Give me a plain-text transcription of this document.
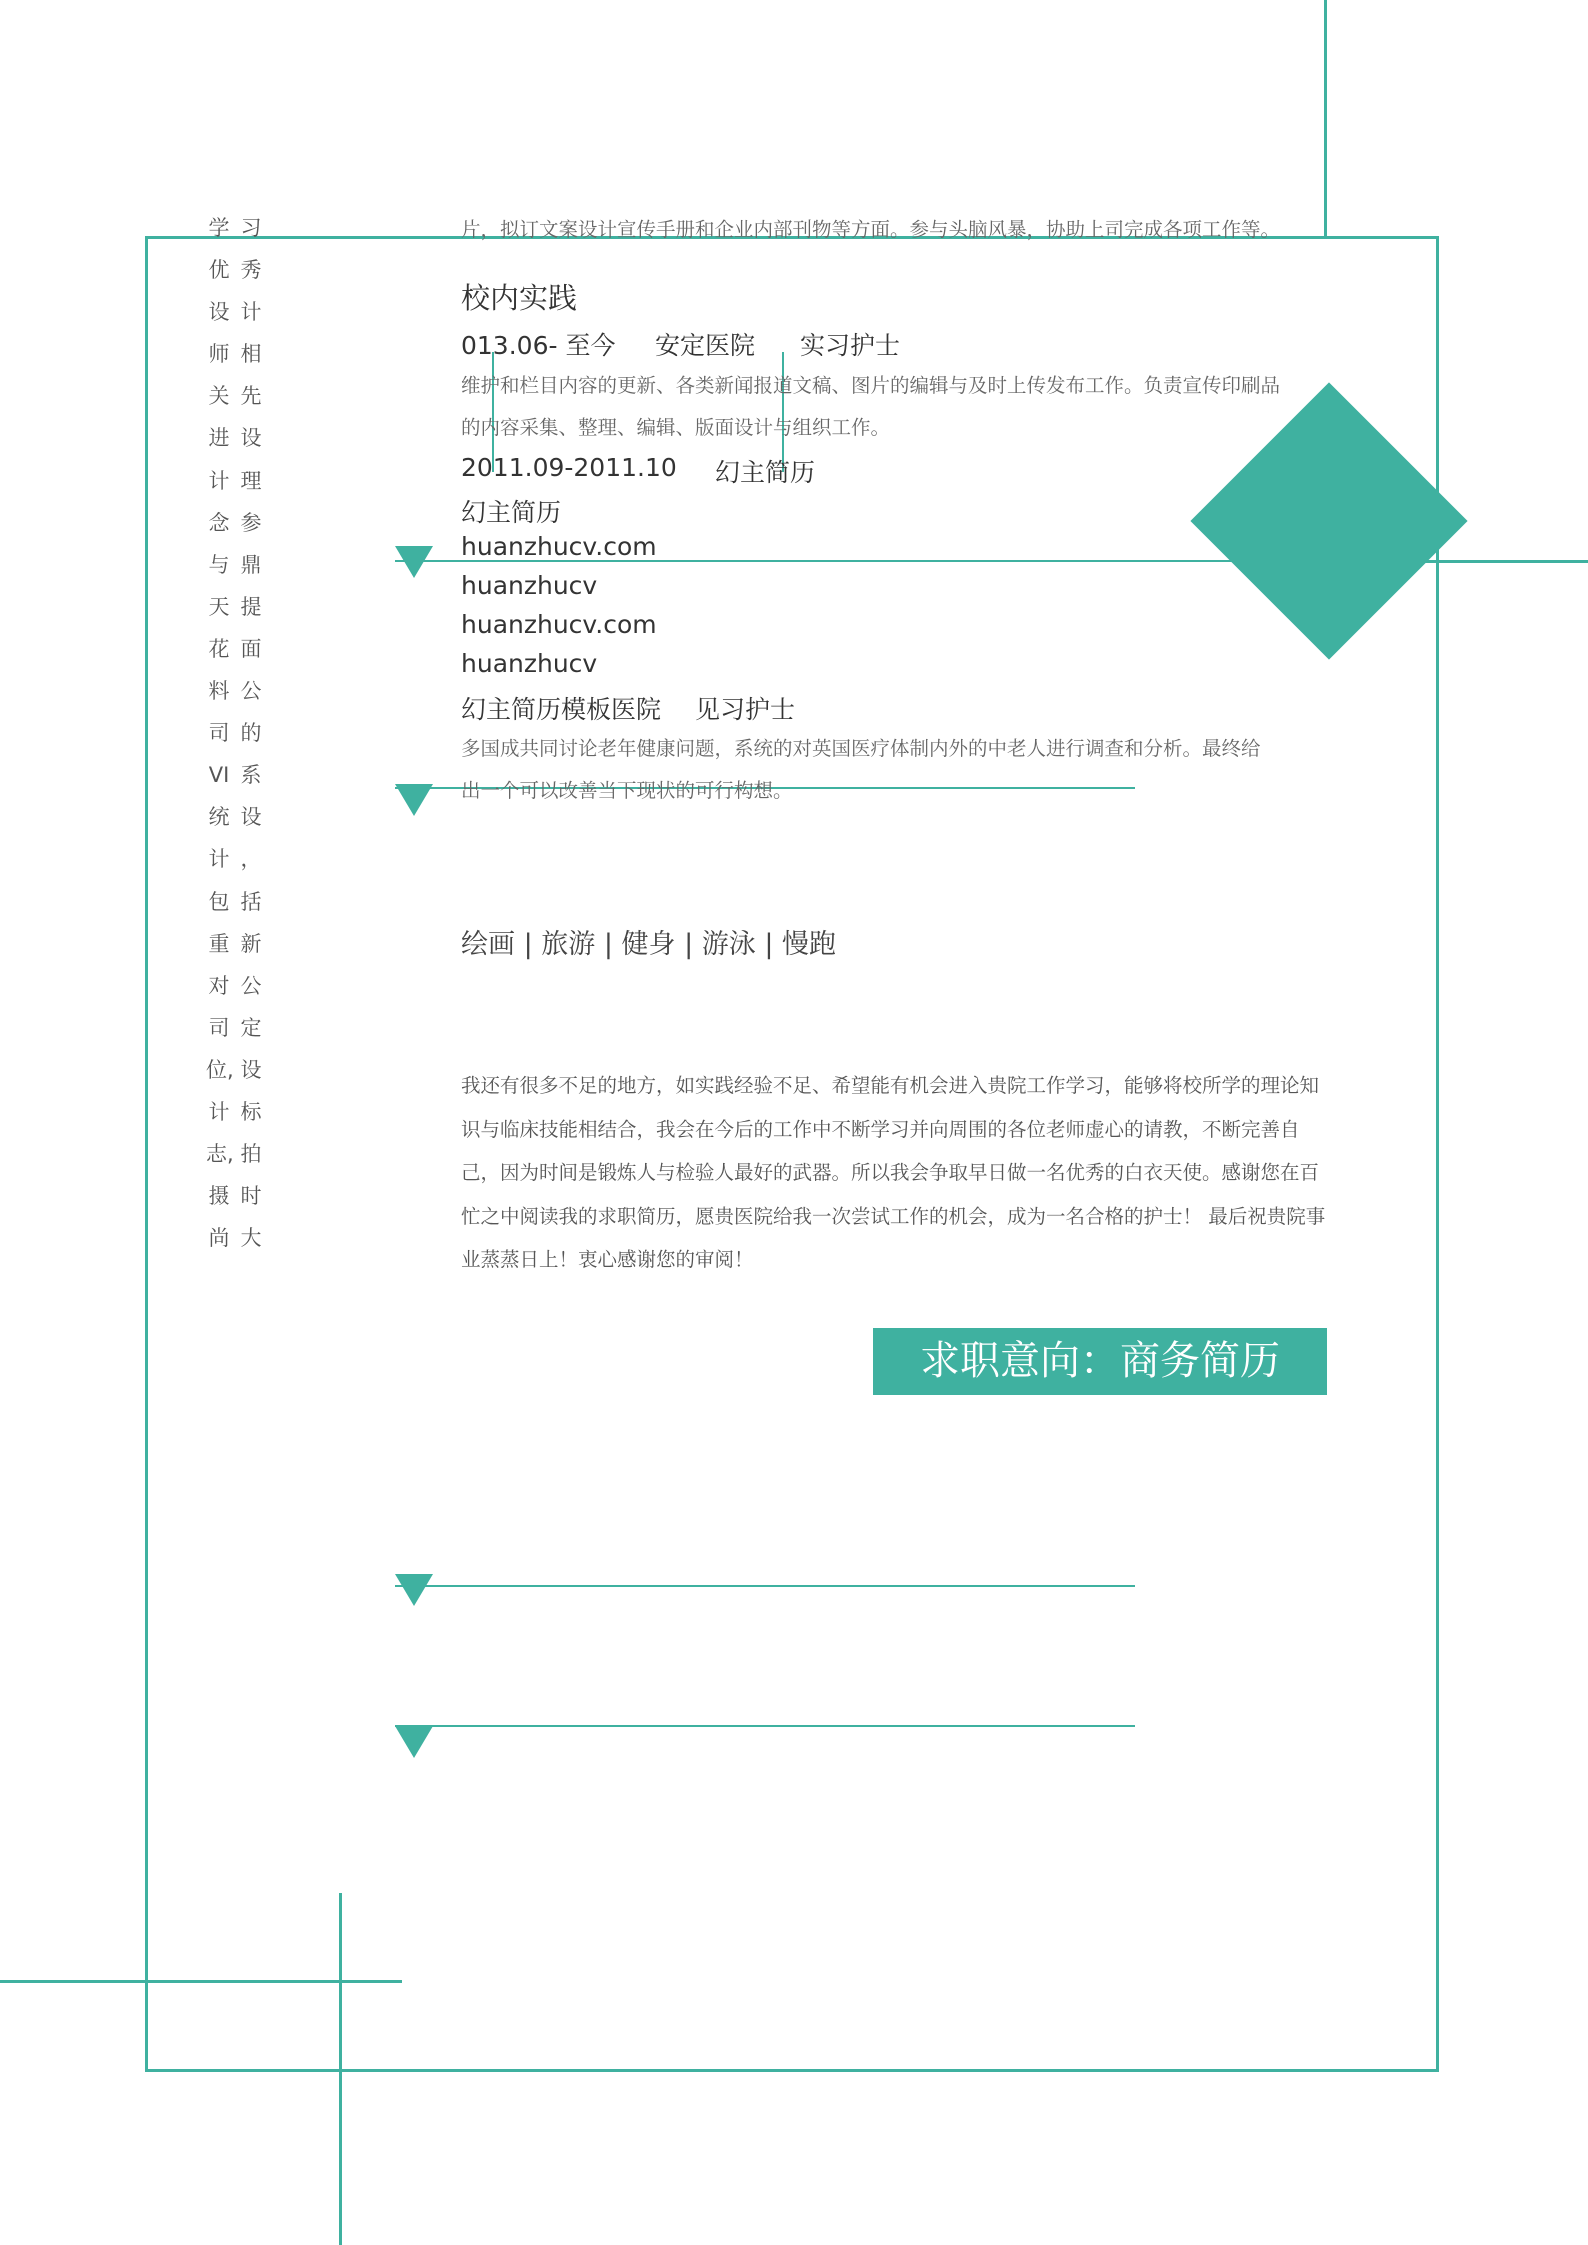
学
优
设
师
关
进
计
念
与
天
花
料
司
VI
统
计
包
重
对
司
位,
计
志,
摄
尚
习
秀
计
相
先
设
理
参
鼎
提
面
公
的
系
设
，
括
新
公
定
设
标
拍
时
大
片，拟订文案设计宣传手册和企业内部刊物等方面。参与头脑风暴，协助上司完成各项工作等。
校内实践
013.06- 至今 安定医院 实习护士
维护和栏目内容的更新、各类新闻报道文稿、图片的编辑与及时上传发布工作。负责宣传印刷品
的内容采集、整理、编辑、版面设计与组织工作。
2011.09-2011.10 幻主简历
幻主简历
huanzhucv.com
huanzhucv
huanzhucv.com
huanzhucv
幻主简历模板医院 见习护士
多国成共同讨论老年健康问题，系统的对英国医疗体制内外的中老人进行调查和分析。最终给
出一个可以改善当下现状的可行构想。
绘画 | 旅游 | 健身 | 游泳 | 慢跑
我还有很多不足的地方，如实践经验不足、希望能有机会进入贵院工作学习，能够将校所学的理论知识与临床技能相结合，我会在今后的工作中不断学习并向周围的各位老师虚心的请教，不断完善自己，因为时间是锻炼人与检验人最好的武器。所以我会争取早日做一名优秀的白衣天使。感谢您在百忙之中阅读我的求职简历，愿贵医院给我一次尝试工作的机会，成为一名合格的护士！ 最后祝贵院事业蒸蒸日上！衷心感谢您的审阅！
求职意向：商务简历
